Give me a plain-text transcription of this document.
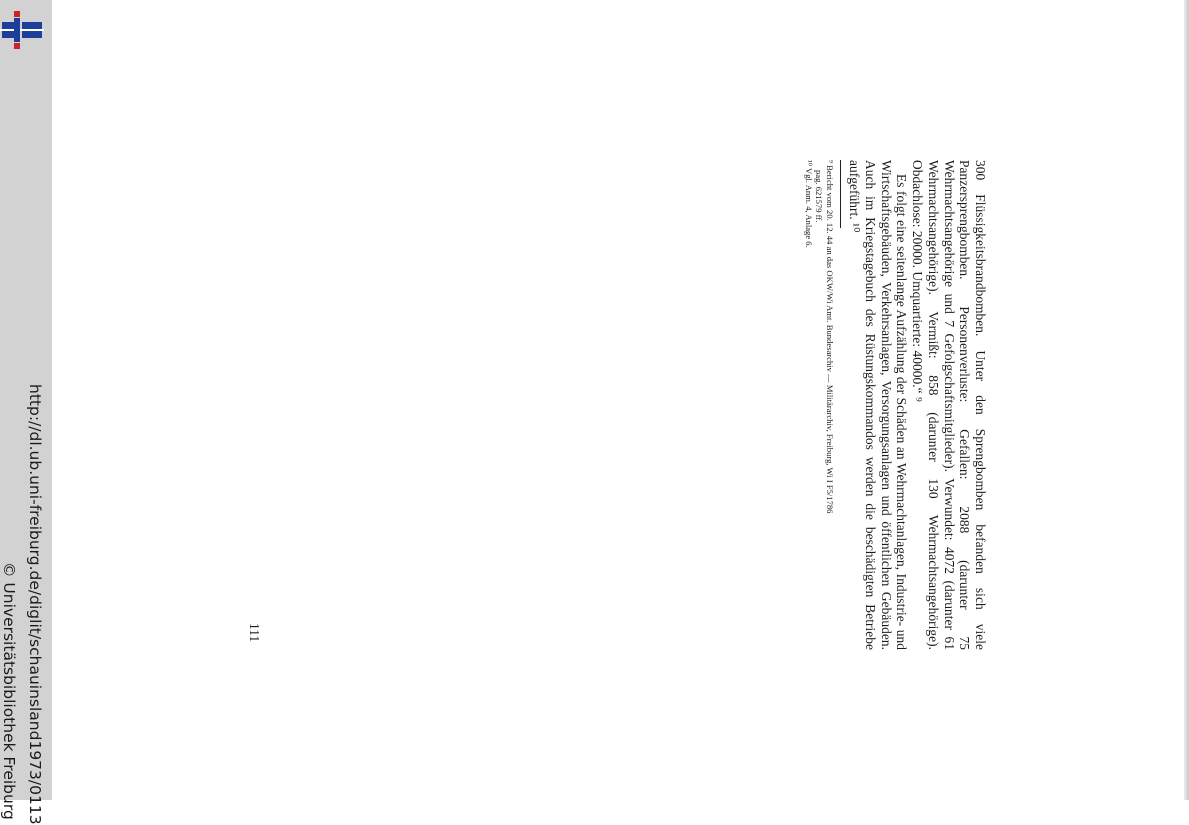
http://dl.ub.uni-freiburg.de/diglit/schauinsland1973/0113
© Universitätsbibliothek Freiburg

300 Flüssigkeitsbrandbomben. Unter den Sprengbomben befanden sich viele Panzersprengbomben. Personenverluste: Gefallen: 2088 (darunter 75 Wehrmachtsangehörige und 7 Gefolgschaftsmitglieder). Verwundet: 4072 (darunter 61 Wehrmachtsangehörige). Vermißt: 858 (darunter 130 Wehrmachtsangehörige). Obdachlose: 20000. Umquartierte: 40000.“ ⁹

Es folgt eine seitenlange Aufzählung der Schäden an Wehrmachtanlagen, Industrie- und Wirtschaftsgebäuden, Verkehrsanlagen, Versorgungsanlagen und öffentlichen Gebäuden. Auch im Kriegstagebuch des Rüstungskommandos werden die beschädigten Betriebe aufgeführt. ¹⁰

⁹ Bericht vom 20. 12. 44 an das OKW/Wi Amt. Bundesarchiv — Militärarchiv, Freiburg, Wi I F5/1786

pag. 621579 ff.

¹⁰ Vgl. Anm. 4, Anlage 6.

111
